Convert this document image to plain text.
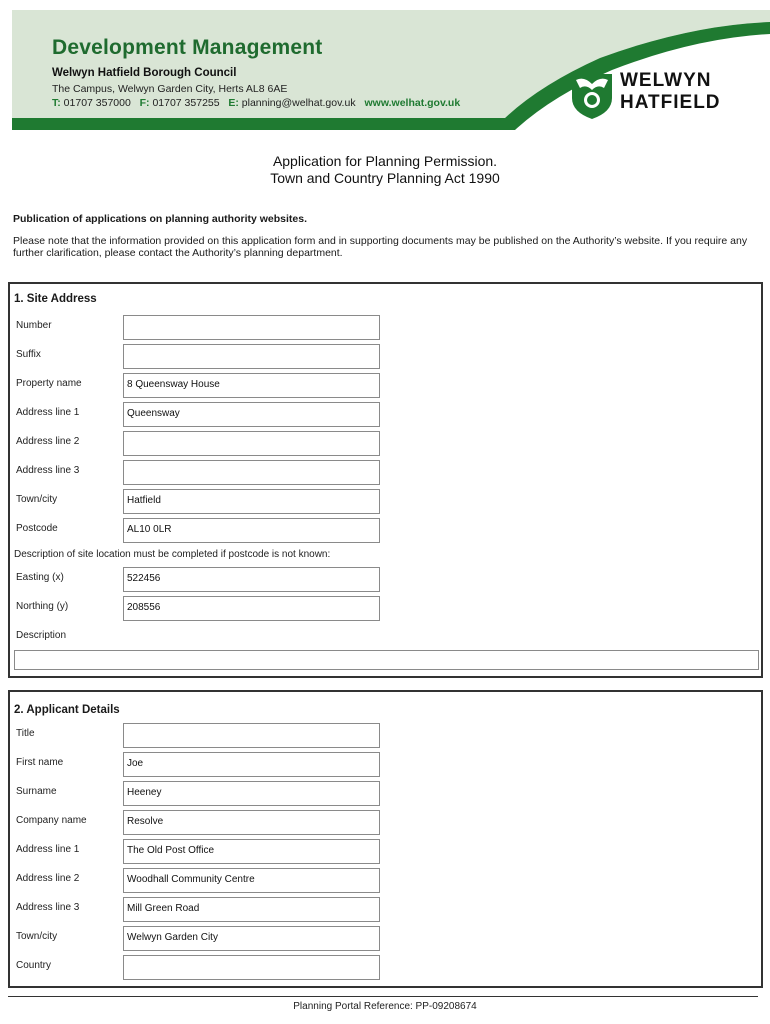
Development Management
Welwyn Hatfield Borough Council
The Campus, Welwyn Garden City, Herts AL8 6AE
T: 01707 357000 F: 01707 357255 E: planning@welhat.gov.uk www.welhat.gov.uk
WELWYN
HATFIELD
Application for Planning Permission.
Town and Country Planning Act 1990
Publication of applications on planning authority websites.
Please note that the information provided on this application form and in supporting documents may be published on the Authority’s website. If you require any further clarification, please contact the Authority’s planning department.
1. Site Address
Number
Suffix
Property name	8 Queensway House
Address line 1	Queensway
Address line 2
Address line 3
Town/city	Hatfield
Postcode	AL10 0LR
Description of site location must be completed if postcode is not known:
Easting (x)	522456
Northing (y)	208556
Description
2. Applicant Details
Title
First name	Joe
Surname	Heeney
Company name	Resolve
Address line 1	The Old Post Office
Address line 2	Woodhall Community Centre
Address line 3	Mill Green Road
Town/city	Welwyn Garden City
Country
Planning Portal Reference: PP-09208674
